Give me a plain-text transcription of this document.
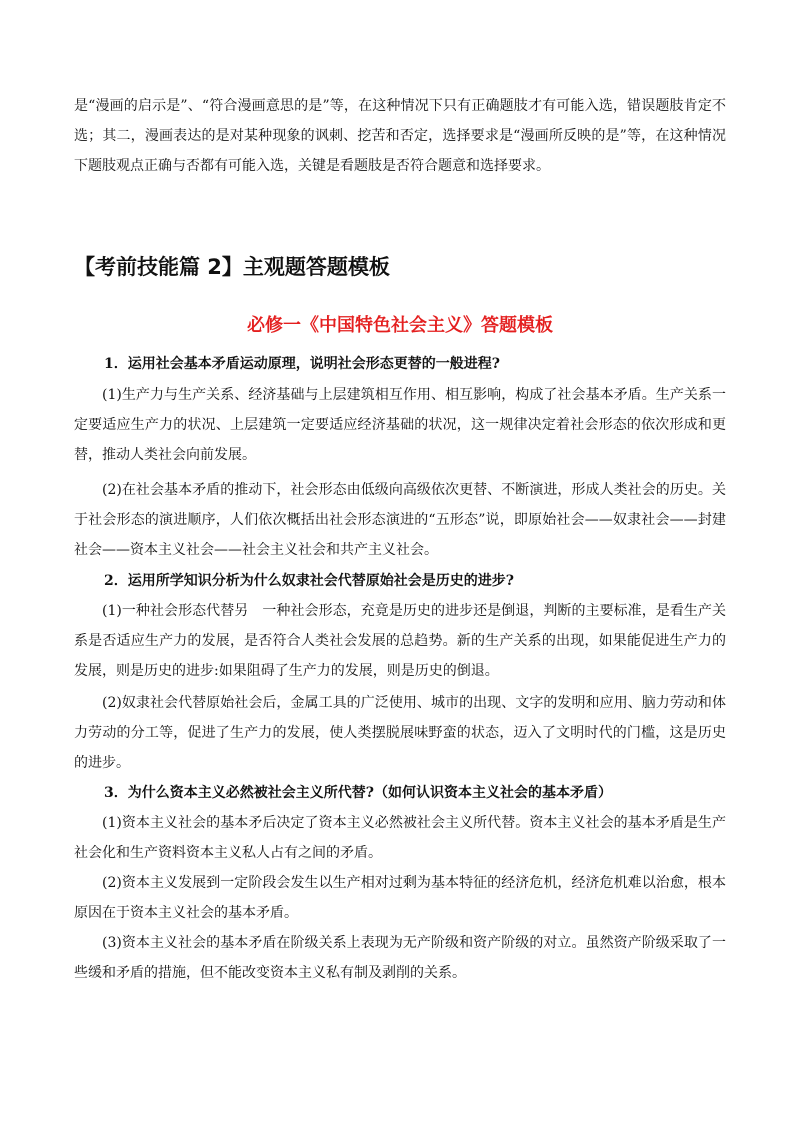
是“漫画的启示是”、“符合漫画意思的是”等，在这种情况下只有正确题肢才有可能入选，错误题肢肯定不选；其二，漫画表达的是对某种现象的讽刺、挖苦和否定，选择要求是“漫画所反映的是”等，在这种情况下题肢观点正确与否都有可能入选，关键是看题肢是否符合题意和选择要求。

【考前技能篇 2】主观题答题模板
必修一《中国特色社会主义》答题模板

1．运用社会基本矛盾运动原理，说明社会形态更替的一般进程?

(1)生产力与生产关系、经济基础与上层建筑相互作用、相互影响，构成了社会基本矛盾。生产关系一定要适应生产力的状况、上层建筑一定要适应经济基础的状况，这一规律决定着社会形态的依次形成和更替，推动人类社会向前发展。

(2)在社会基本矛盾的推动下，社会形态由低级向高级依次更替、不断演进，形成人类社会的历史。关于社会形态的演进顺序，人们依次概括出社会形态演进的“五形态”说，即原始社会——奴隶社会——封建社会——资本主义社会——社会主义社会和共产主义社会。

2．运用所学知识分析为什么奴隶社会代替原始社会是历史的进步?

(1)一种社会形态代替另　一种社会形态，充竟是历史的进步还是倒退，判断的主要标准，是看生产关系是否适应生产力的发展，是否符合人类社会发展的总趋势。新的生产关系的出现，如果能促进生产力的发展，则是历史的进步:如果阻碍了生产力的发展，则是历史的倒退。

(2)奴隶社会代替原始社会后，金属工具的广泛使用、城市的出现、文字的发明和应用、脑力劳动和体力劳动的分工等，促进了生产力的发展，使人类摆脱展味野蛮的状态，迈入了文明时代的门槛，这是历史的进步。

3．为什么资本主义必然被社会主义所代替?（如何认识资本主义社会的基本矛盾）

(1)资本主义社会的基本矛后决定了资本主义必然被社会主义所代替。资本主义社会的基本矛盾是生产社会化和生产资料资本主义私人占有之间的矛盾。

(2)资本主义发展到一定阶段会发生以生产相对过剩为基本特征的经济危机，经济危机难以治愈，根本原因在于资本主义社会的基本矛盾。

(3)资本主义社会的基本矛盾在阶级关系上表现为无产阶级和资产阶级的对立。虽然资产阶级采取了一些缓和矛盾的措施，但不能改变资本主义私有制及剥削的关系。
